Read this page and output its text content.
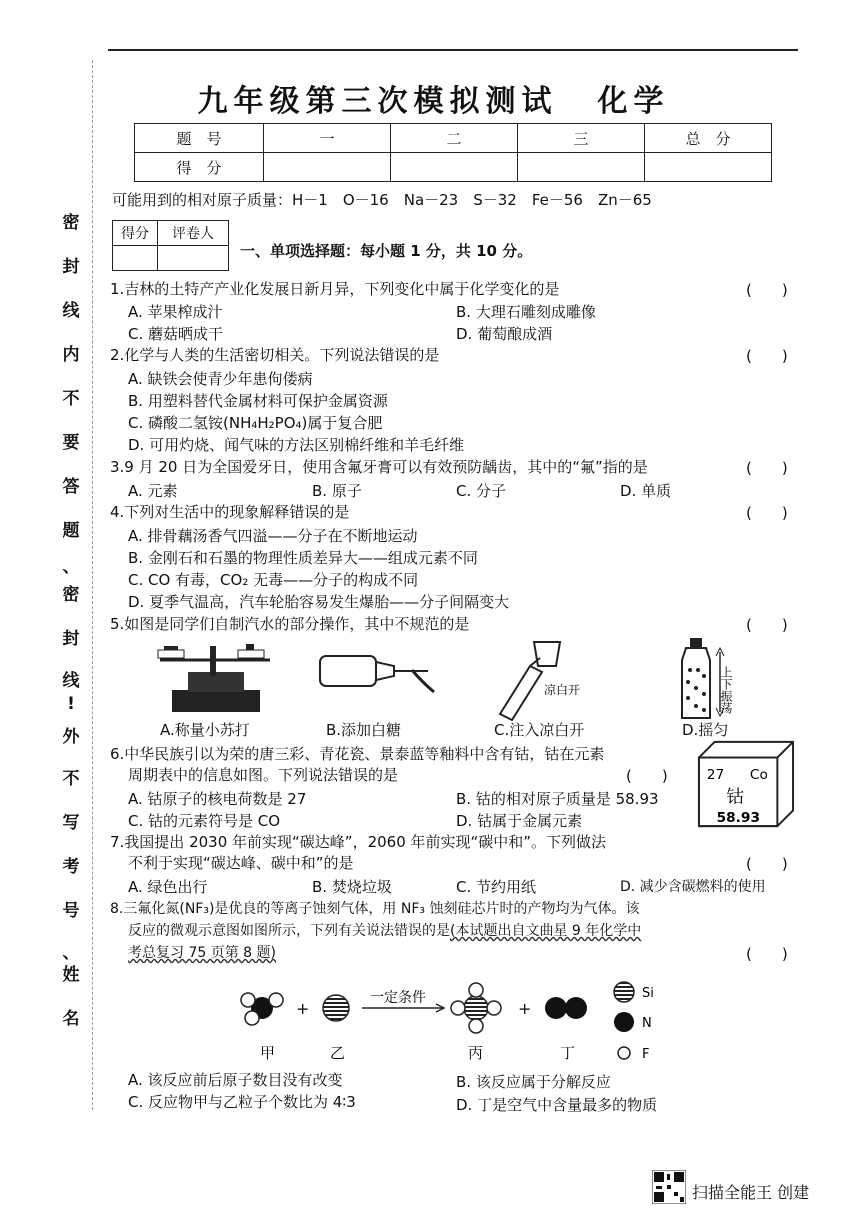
九年级第三次模拟测试 化学
题　号	一	二	三	总　分
得　分				
可能用到的相对原子质量：H－1　O－16　Na－23　S－32　Fe－56　Zn－65
得分	评卷人

一、单项选择题：每小题 1 分，共 10 分。
密
封
线
内
不
要
答
题
、
密
封
线
!
外
不
写
考
号
、
姓
名
1.吉林的土特产产业化发展日新月异，下列变化中属于化学变化的是	(　　)
A. 苹果榨成汁	B. 大理石雕刻成雕像
C. 蘑菇晒成干	D. 葡萄酿成酒
2.化学与人类的生活密切相关。下列说法错误的是	(　　)
A. 缺铁会使青少年患佝偻病
B. 用塑料替代金属材料可保护金属资源
C. 磷酸二氢铵(NH₄H₂PO₄)属于复合肥
D. 可用灼烧、闻气味的方法区别棉纤维和羊毛纤维
3.9 月 20 日为全国爱牙日，使用含氟牙膏可以有效预防龋齿，其中的“氟”指的是	(　　)
A. 元素	B. 原子	C. 分子	D. 单质
4.下列对生活中的现象解释错误的是	(　　)
A. 排骨藕汤香气四溢——分子在不断地运动
B. 金刚石和石墨的物理性质差异大——组成元素不同
C. CO 有毒，CO₂ 无毒——分子的构成不同
D. 夏季气温高，汽车轮胎容易发生爆胎——分子间隔变大
5.如图是同学们自制汽水的部分操作，其中不规范的是	(　　)
凉白开	上下振荡
A.称量小苏打	B.添加白糖	C.注入凉白开	D.摇匀
6.中华民族引以为荣的唐三彩、青花瓷、景泰蓝等釉料中含有钴，钴在元素
周期表中的信息如图。下列说法错误的是	(　　)
A. 钴原子的核电荷数是 27	B. 钴的相对原子质量是 58.93
C. 钴的元素符号是 CO	D. 钴属于金属元素
27 Co
钴
58.93
7.我国提出 2030 年前实现“碳达峰”，2060 年前实现“碳中和”。下列做法
不利于实现“碳达峰、碳中和”的是	(　　)
A. 绿色出行	B. 焚烧垃圾	C. 节约用纸	D. 减少含碳燃料的使用
8.三氟化氮(NF₃)是优良的等离子蚀刻气体，用 NF₃ 蚀刻硅芯片时的产物均为气体。该
反应的微观示意图如图所示，下列有关说法错误的是(本试题出自文曲星 9 年化学中
考总复习 75 页第 8 题)	(　　)
+
一定条件
+
Si
N
F
甲	乙	丙	丁
A. 该反应前后原子数目没有改变	B. 该反应属于分解反应
C. 反应物甲与乙粒子个数比为 4∶3	D. 丁是空气中含量最多的物质
扫描全能王 创建
